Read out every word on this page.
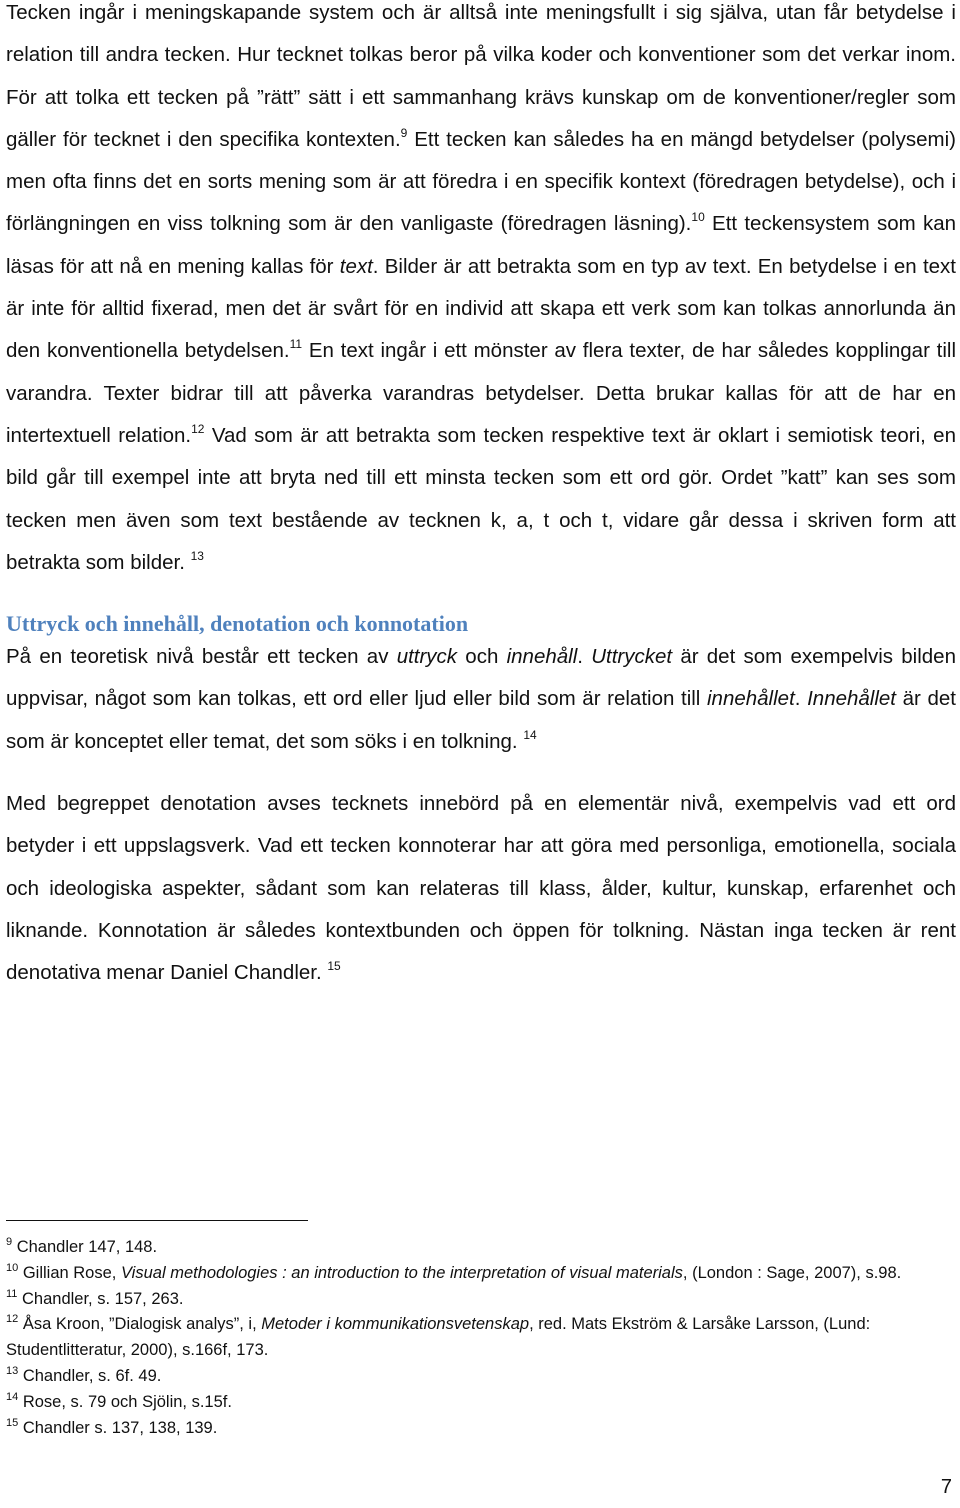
Tecken ingår i meningskapande system och är alltså inte meningsfullt i sig själva, utan får betydelse i relation till andra tecken. Hur tecknet tolkas beror på vilka koder och konventioner som det verkar inom. För att tolka ett tecken på ”rätt” sätt i ett sammanhang krävs kunskap om de konventioner/regler som gäller för tecknet i den specifika kontexten.$^9$ Ett tecken kan således ha en mängd betydelser (polysemi) men ofta finns det en sorts mening som är att föredra i en specifik kontext (föredragen betydelse), och i förlängningen en viss tolkning som är den vanligaste (föredragen läsning).$^{10}$ Ett teckensystem som kan läsas för att nå en mening kallas för text. Bilder är att betrakta som en typ av text. En betydelse i en text är inte för alltid fixerad, men det är svårt för en individ att skapa ett verk som kan tolkas annorlunda än den konventionella betydelsen.$^{11}$ En text ingår i ett mönster av flera texter, de har således kopplingar till varandra. Texter bidrar till att påverka varandras betydelser. Detta brukar kallas för att de har en intertextuell relation.$^{12}$ Vad som är att betrakta som tecken respektive text är oklart i semiotisk teori, en bild går till exempel inte att bryta ned till ett minsta tecken som ett ord gör. Ordet ”katt” kan ses som tecken men även som text bestående av tecknen k, a, t och t, vidare går dessa i skriven form att betrakta som bilder. $^{13}$

Uttryck och innehåll, denotation och konnotation

På en teoretisk nivå består ett tecken av uttryck och innehåll. Uttrycket är det som exempelvis bilden uppvisar, något som kan tolkas, ett ord eller ljud eller bild som är relation till innehållet. Innehållet är det som är konceptet eller temat, det som söks i en tolkning. $^{14}$

Med begreppet denotation avses tecknets innebörd på en elementär nivå, exempelvis vad ett ord betyder i ett uppslagsverk. Vad ett tecken konnoterar har att göra med personliga, emotionella, sociala och ideologiska aspekter, sådant som kan relateras till klass, ålder, kultur, kunskap, erfarenhet och liknande. Konnotation är således kontextbunden och öppen för tolkning. Nästan inga tecken är rent denotativa menar Daniel Chandler. $^{15}$

$^9$ Chandler 147, 148.

$^{10}$ Gillian Rose, Visual methodologies : an introduction to the interpretation of visual materials, (London : Sage, 2007), s.98.

$^{11}$ Chandler, s. 157, 263.

$^{12}$ Åsa Kroon, ”Dialogisk analys”, i, Metoder i kommunikationsvetenskap, red. Mats Ekström & Larsåke Larsson, (Lund: Studentlitteratur, 2000), s.166f, 173.

$^{13}$ Chandler, s. 6f. 49.

$^{14}$ Rose, s. 79 och Sjölin, s.15f.

$^{15}$ Chandler s. 137, 138, 139.

7
